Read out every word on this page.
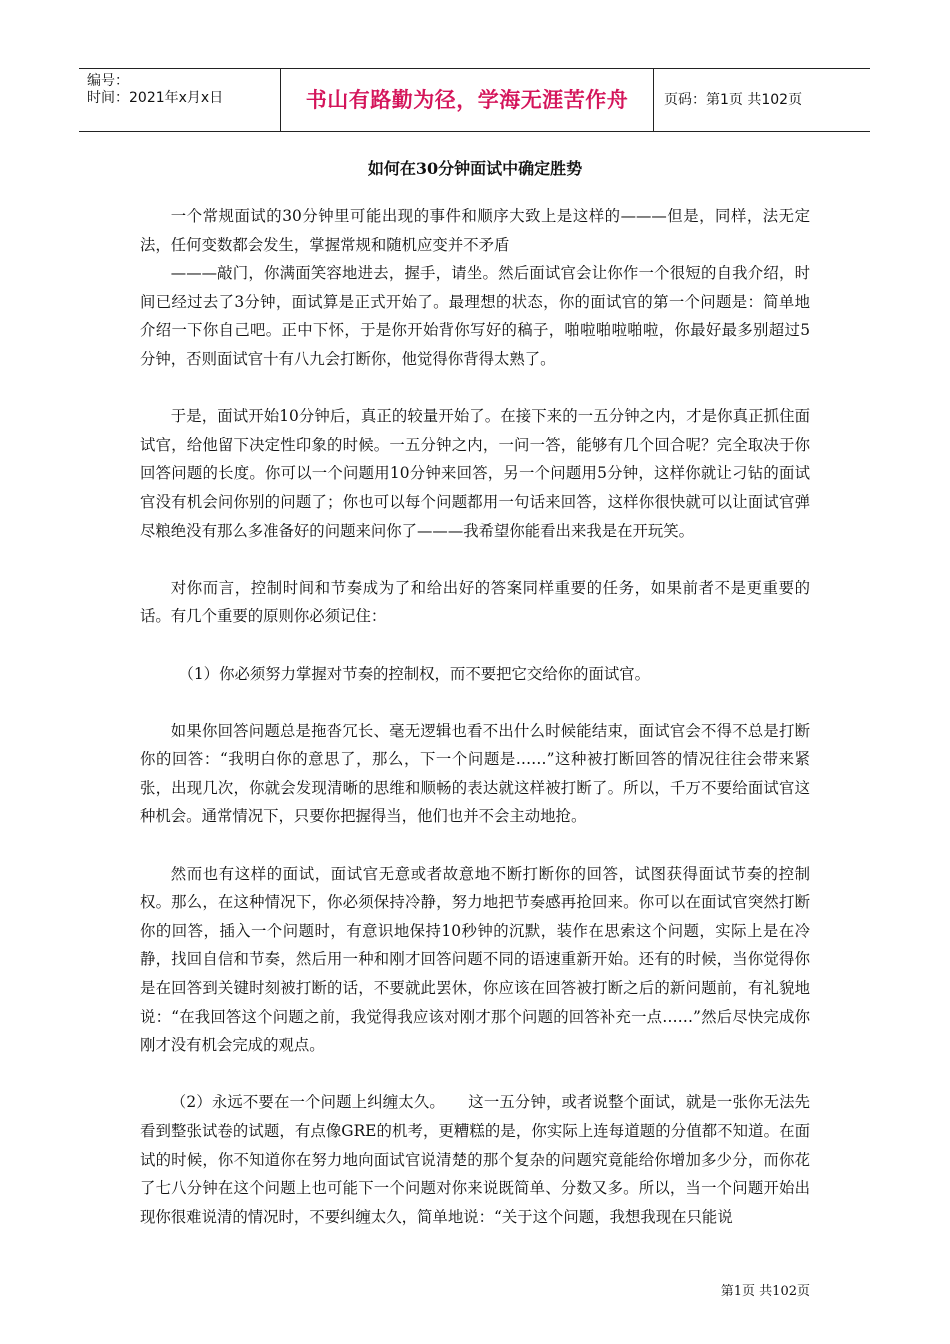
编号：
时间：2021年x月x日	书山有路勤为径，学海无涯苦作舟	页码：第1页 共102页
如何在30分钟面试中确定胜势

一个常规面试的30分钟里可能出现的事件和顺序大致上是这样的———但是，同样，法无定法，任何变数都会发生，掌握常规和随机应变并不矛盾

———敲门，你满面笑容地进去，握手，请坐。然后面试官会让你作一个很短的自我介绍，时间已经过去了3分钟，面试算是正式开始了。最理想的状态，你的面试官的第一个问题是：简单地介绍一下你自己吧。正中下怀，于是你开始背你写好的稿子，啪啦啪啦啪啦，你最好最多别超过5分钟，否则面试官十有八九会打断你，他觉得你背得太熟了。

于是，面试开始10分钟后，真正的较量开始了。在接下来的一五分钟之内，才是你真正抓住面试官，给他留下决定性印象的时候。一五分钟之内，一问一答，能够有几个回合呢？完全取决于你回答问题的长度。你可以一个问题用10分钟来回答，另一个问题用5分钟，这样你就让刁钻的面试官没有机会问你别的问题了；你也可以每个问题都用一句话来回答，这样你很快就可以让面试官弹尽粮绝没有那么多准备好的问题来问你了———我希望你能看出来我是在开玩笑。

对你而言，控制时间和节奏成为了和给出好的答案同样重要的任务，如果前者不是更重要的话。有几个重要的原则你必须记住：

（1）你必须努力掌握对节奏的控制权，而不要把它交给你的面试官。

如果你回答问题总是拖沓冗长、毫无逻辑也看不出什么时候能结束，面试官会不得不总是打断你的回答：“我明白你的意思了，那么，下一个问题是……”这种被打断回答的情况往往会带来紧张，出现几次，你就会发现清晰的思维和顺畅的表达就这样被打断了。所以，千万不要给面试官这种机会。通常情况下，只要你把握得当，他们也并不会主动地抢。

然而也有这样的面试，面试官无意或者故意地不断打断你的回答，试图获得面试节奏的控制权。那么，在这种情况下，你必须保持冷静，努力地把节奏感再抢回来。你可以在面试官突然打断你的回答，插入一个问题时，有意识地保持10秒钟的沉默，装作在思索这个问题，实际上是在冷静，找回自信和节奏，然后用一种和刚才回答问题不同的语速重新开始。还有的时候，当你觉得你是在回答到关键时刻被打断的话，不要就此罢休，你应该在回答被打断之后的新问题前，有礼貌地说：“在我回答这个问题之前，我觉得我应该对刚才那个问题的回答补充一点……”然后尽快完成你刚才没有机会完成的观点。

（2）永远不要在一个问题上纠缠太久。　　这一五分钟，或者说整个面试，就是一张你无法先看到整张试卷的试题，有点像GRE的机考，更糟糕的是，你实际上连每道题的分值都不知道。在面试的时候，你不知道你在努力地向面试官说清楚的那个复杂的问题究竟能给你增加多少分，而你花了七八分钟在这个问题上也可能下一个问题对你来说既简单、分数又多。所以，当一个问题开始出现你很难说清的情况时，不要纠缠太久，简单地说：“关于这个问题，我想我现在只能说

第1页 共102页
